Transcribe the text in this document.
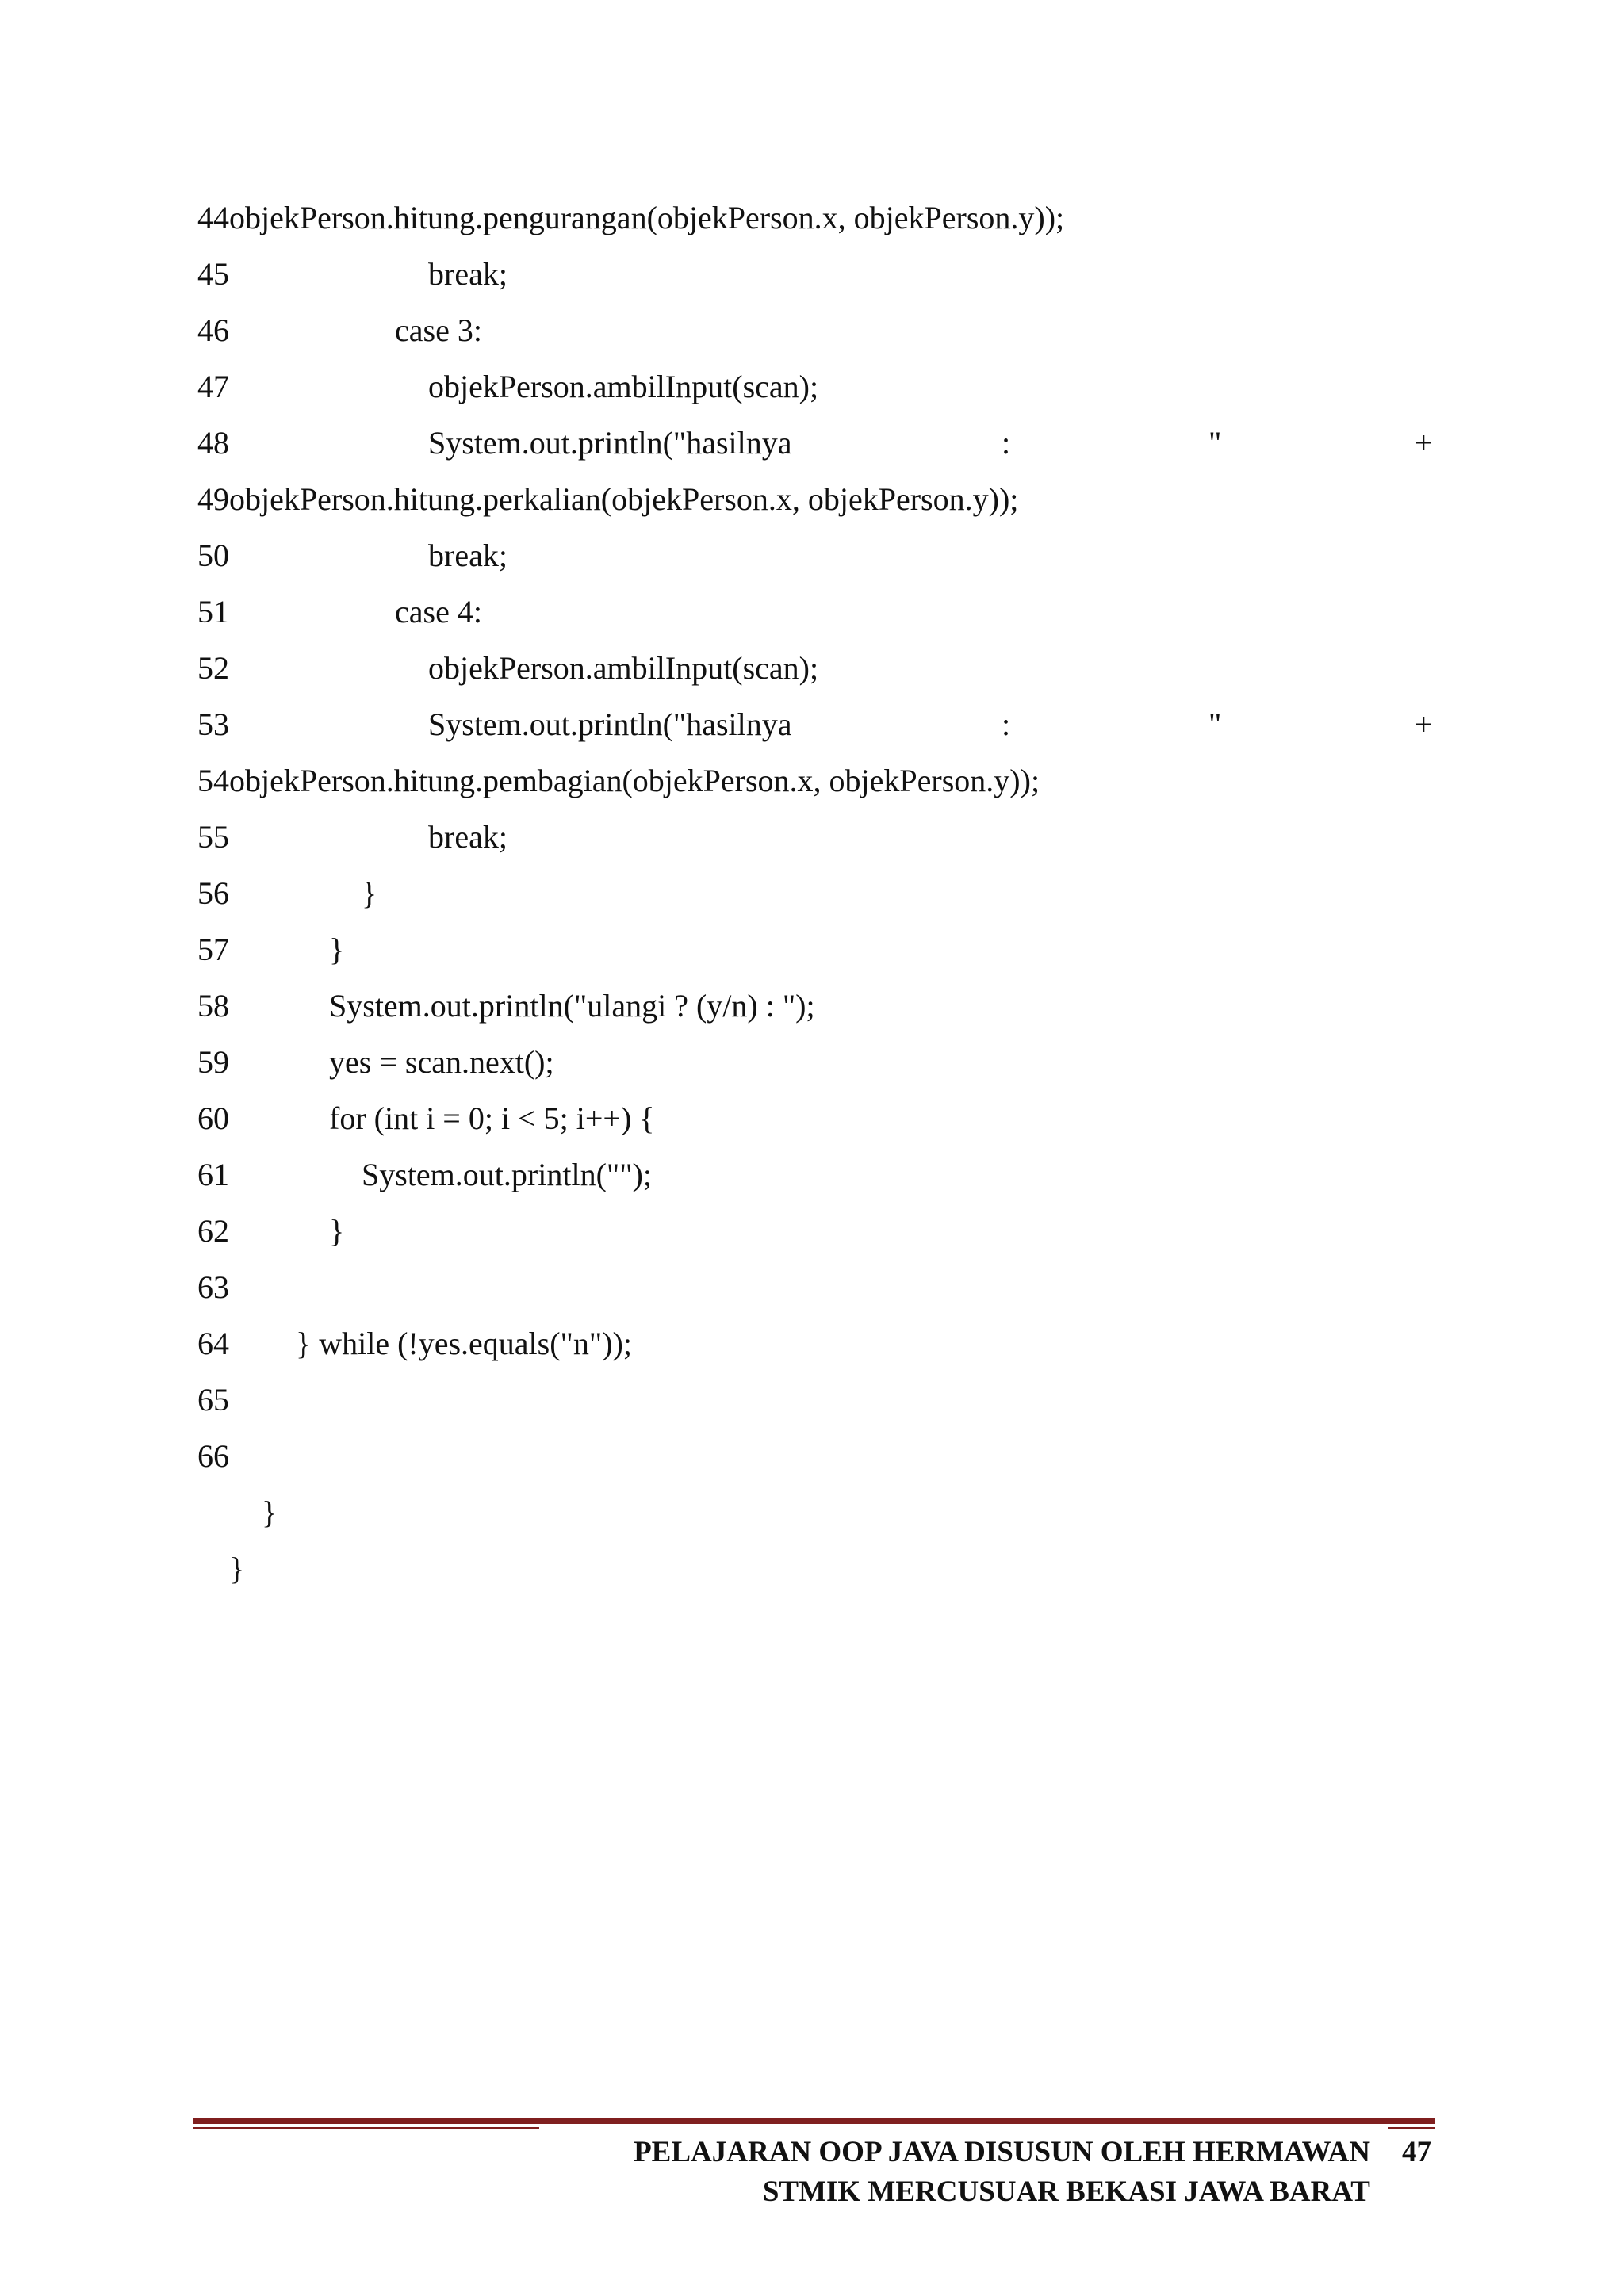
44objekPerson.hitung.pengurangan(objekPerson.x, objekPerson.y));

45

	break;

46

	case 3:

47

	objekPerson.ambilInput(scan);

48

	System.out.println("hasilnya

	:

	"

	+

49objekPerson.hitung.perkalian(objekPerson.x, objekPerson.y));

50

	break;

51

	case 4:

52

	objekPerson.ambilInput(scan);

53

	System.out.println("hasilnya

	:

	"

	+

54objekPerson.hitung.pembagian(objekPerson.x, objekPerson.y));

55

	break;

56

	}

57

	}

58

	System.out.println("ulangi ? (y/n) : ");

59

	yes = scan.next();

60

	for (int i = 0; i < 5; i++) {

61

	System.out.println("");

62

	}

63

64

} while (!yes.equals("n"));

65

66

}

}

PELAJARAN OOP JAVA DISUSUN OLEH HERMAWAN
STMIK MERCUSUAR BEKASI JAWA BARAT
47
